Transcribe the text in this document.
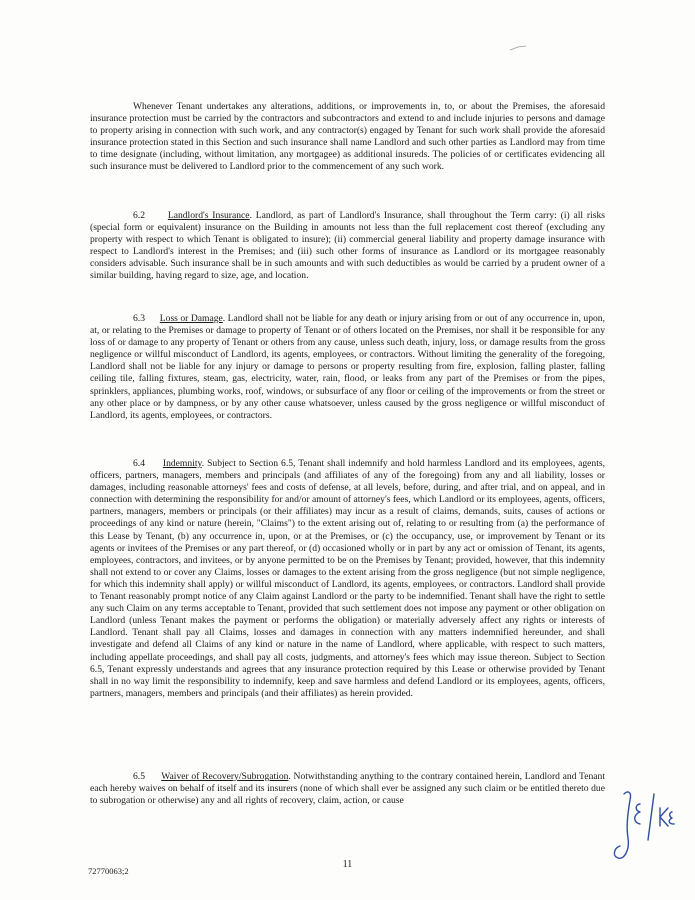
Whenever Tenant undertakes any alterations, additions, or improvements in, to, or about the Premises, the aforesaid insurance protection must be carried by the contractors and subcontractors and extend to and include injuries to persons and damage to property arising in connection with such work, and any contractor(s) engaged by Tenant for such work shall provide the aforesaid insurance protection stated in this Section and such insurance shall name Landlord and such other parties as Landlord may from time to time designate (including, without limitation, any mortgagee) as additional insureds. The policies of or certificates evidencing all such insurance must be delivered to Landlord prior to the commencement of any such work.

6.2 Landlord's Insurance. Landlord, as part of Landlord's Insurance, shall throughout the Term carry: (i) all risks (special form or equivalent) insurance on the Building in amounts not less than the full replacement cost thereof (excluding any property with respect to which Tenant is obligated to insure); (ii) commercial general liability and property damage insurance with respect to Landlord's interest in the Premises; and (iii) such other forms of insurance as Landlord or its mortgagee reasonably considers advisable. Such insurance shall be in such amounts and with such deductibles as would be carried by a prudent owner of a similar building, having regard to size, age, and location.

6.3 Loss or Damage. Landlord shall not be liable for any death or injury arising from or out of any occurrence in, upon, at, or relating to the Premises or damage to property of Tenant or of others located on the Premises, nor shall it be responsible for any loss of or damage to any property of Tenant or others from any cause, unless such death, injury, loss, or damage results from the gross negligence or willful misconduct of Landlord, its agents, employees, or contractors. Without limiting the generality of the foregoing, Landlord shall not be liable for any injury or damage to persons or property resulting from fire, explosion, falling plaster, falling ceiling tile, falling fixtures, steam, gas, electricity, water, rain, flood, or leaks from any part of the Premises or from the pipes, sprinklers, appliances, plumbing works, roof, windows, or subsurface of any floor or ceiling of the improvements or from the street or any other place or by dampness, or by any other cause whatsoever, unless caused by the gross negligence or willful misconduct of Landlord, its agents, employees, or contractors.

6.4 Indemnity. Subject to Section 6.5, Tenant shall indemnify and hold harmless Landlord and its employees, agents, officers, partners, managers, members and principals (and affiliates of any of the foregoing) from any and all liability, losses or damages, including reasonable attorneys' fees and costs of defense, at all levels, before, during, and after trial, and on appeal, and in connection with determining the responsibility for and/or amount of attorney's fees, which Landlord or its employees, agents, officers, partners, managers, members or principals (or their affiliates) may incur as a result of claims, demands, suits, causes of actions or proceedings of any kind or nature (herein, "Claims") to the extent arising out of, relating to or resulting from (a) the performance of this Lease by Tenant, (b) any occurrence in, upon, or at the Premises, or (c) the occupancy, use, or improvement by Tenant or its agents or invitees of the Premises or any part thereof, or (d) occasioned wholly or in part by any act or omission of Tenant, its agents, employees, contractors, and invitees, or by anyone permitted to be on the Premises by Tenant; provided, however, that this indemnity shall not extend to or cover any Claims, losses or damages to the extent arising from the gross negligence (but not simple negligence, for which this indemnity shall apply) or willful misconduct of Landlord, its agents, employees, or contractors. Landlord shall provide to Tenant reasonably prompt notice of any Claim against Landlord or the party to be indemnified. Tenant shall have the right to settle any such Claim on any terms acceptable to Tenant, provided that such settlement does not impose any payment or other obligation on Landlord (unless Tenant makes the payment or performs the obligation) or materially adversely affect any rights or interests of Landlord. Tenant shall pay all Claims, losses and damages in connection with any matters indemnified hereunder, and shall investigate and defend all Claims of any kind or nature in the name of Landlord, where applicable, with respect to such matters, including appellate proceedings, and shall pay all costs, judgments, and attorney's fees which may issue thereon. Subject to Section 6.5, Tenant expressly understands and agrees that any insurance protection required by this Lease or otherwise provided by Tenant shall in no way limit the responsibility to indemnify, keep and save harmless and defend Landlord or its employees, agents, officers, partners, managers, members and principals (and their affiliates) as herein provided.

6.5 Waiver of Recovery/Subrogation. Notwithstanding anything to the contrary contained herein, Landlord and Tenant each hereby waives on behalf of itself and its insurers (none of which shall ever be assigned any such claim or be entitled thereto due to subrogation or otherwise) any and all rights of recovery, claim, action, or cause

11
72770063;2
